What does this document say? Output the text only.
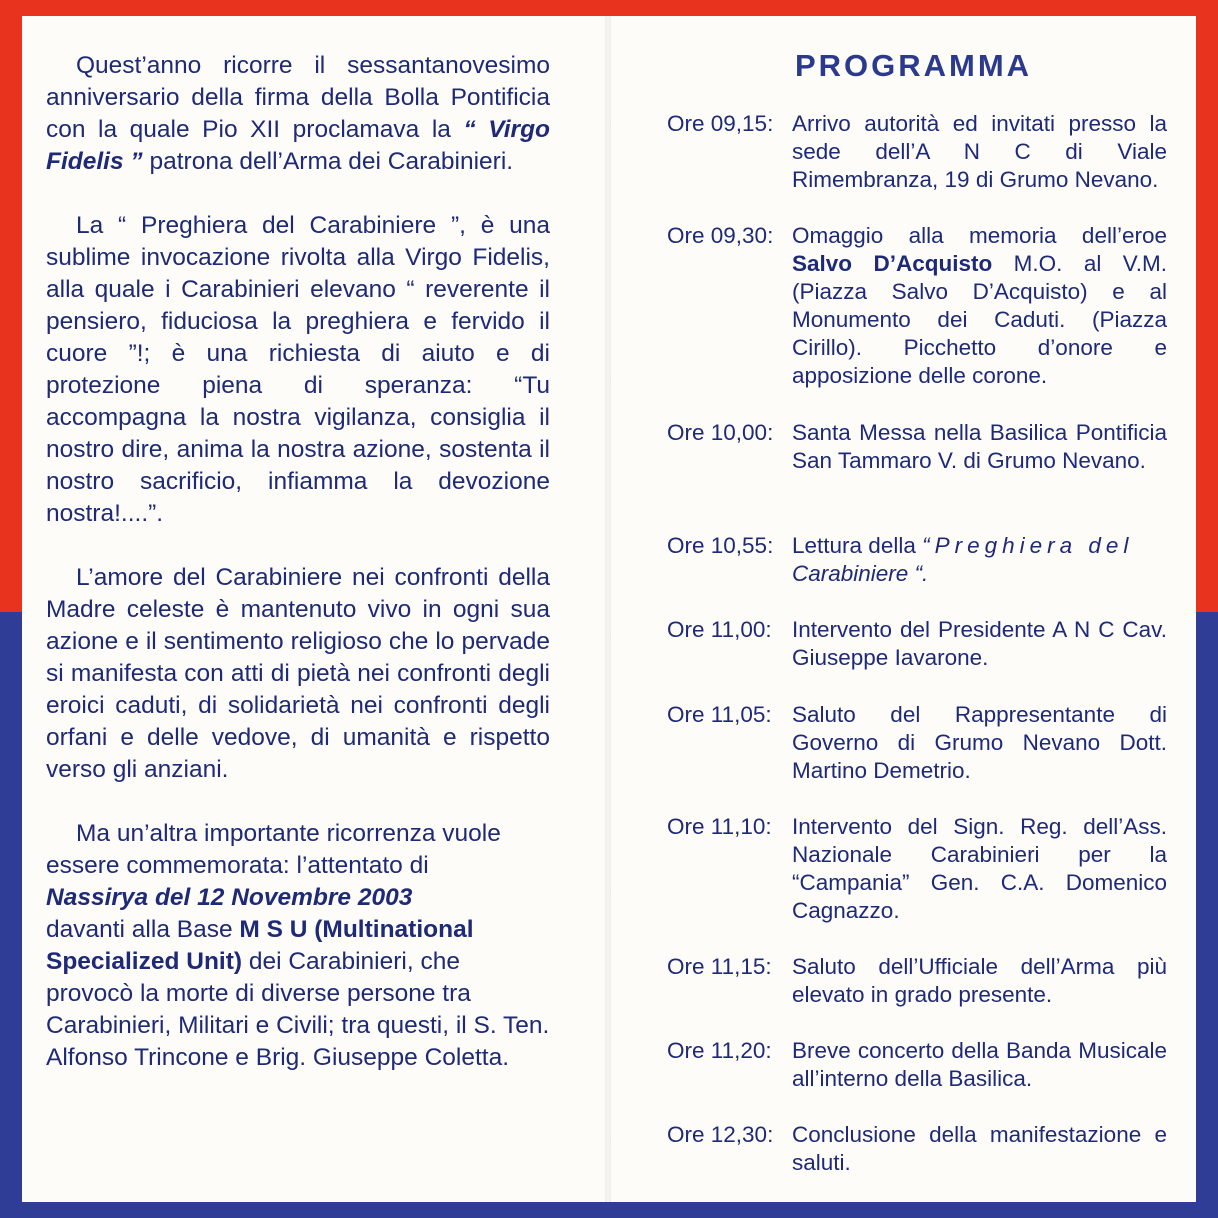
Quest’anno ricorre il sessantanovesimo anniversario della firma della Bolla Pontificia con la quale Pio XII proclamava la “ Virgo Fidelis ” patrona dell’Arma dei Carabinieri.

La “ Preghiera del Carabiniere ”, è una sublime invocazione rivolta alla Virgo Fidelis, alla quale i Carabinieri elevano “ reverente il pensiero, fiduciosa la preghiera e fervido il cuore ”!; è una richiesta di aiuto e di protezione piena di speranza: “Tu accompagna la nostra vigilanza, consiglia il nostro dire, anima la nostra azione, sostenta il nostro sacrificio, infiamma la devozione nostra!....”.

L’amore del Carabiniere nei confronti della Madre celeste è mantenuto vivo in ogni sua azione e il sentimento religioso che lo pervade si manifesta con atti di pietà nei confronti degli eroici caduti, di solidarietà nei confronti degli orfani e delle vedove, di umanità e rispetto verso gli anziani.

Ma un’altra importante ricorrenza vuole essere commemorata: l’attentato di
Nassirya del 12 Novembre 2003
davanti alla Base M S U (Multinational Specialized Unit) dei Carabinieri, che provocò la morte di diverse persone tra Carabinieri, Militari e Civili; tra questi, il S. Ten. Alfonso Trincone e Brig. Giuseppe Coletta.

PROGRAMMA
Ore 09,15: Arrivo autorità ed invitati presso la sede dell’A N C di Viale Rimembranza, 19 di Grumo Nevano.
Ore 09,30: Omaggio alla memoria dell’eroe Salvo D’Acquisto M.O. al V.M. (Piazza Salvo D’Acquisto) e al Monumento dei Caduti. (Piazza Cirillo). Picchetto d’onore e apposizione delle corone.
Ore 10,00: Santa Messa nella Basilica Pontificia San Tammaro V. di Grumo Nevano.
Ore 10,55: Lettura della “Preghiera del
Carabiniere “.
Ore 11,00: Intervento del Presidente A N C Cav. Giuseppe Iavarone.
Ore 11,05: Saluto del Rappresentante di Governo di Grumo Nevano Dott. Martino Demetrio.
Ore 11,10: Intervento del Sign. Reg. dell’Ass. Nazionale Carabinieri per la “Campania” Gen. C.A. Domenico Cagnazzo.
Ore 11,15: Saluto dell’Ufficiale dell’Arma più elevato in grado presente.
Ore 11,20: Breve concerto della Banda Musicale all’interno della Basilica.
Ore 12,30: Conclusione della manifestazione e saluti.
